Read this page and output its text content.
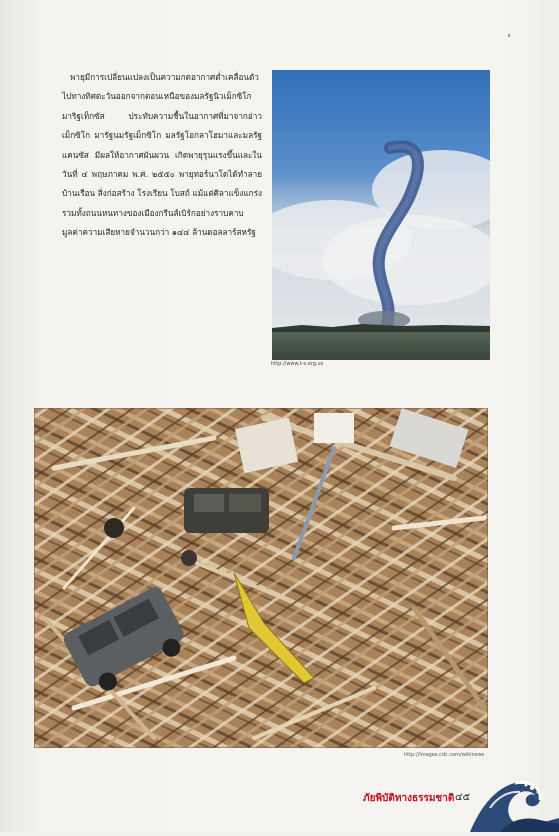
พายุมีการเปลี่ยนแปลงเป็นความกดอากาศต่ำเคลื่อนตัวไปทางทิศตะวันออกจากตอนเหนือของมลรัฐนิวเม็กซิโก มาริฐเท็กซัส ประทับความชื้นในอากาศที่มาจากอ่าวเม็กซิโก มารัฐนมรัฐเม็กซิโก มลรัฐโอกลาโฮมาและมลรัฐแคนซัส มีผลให้อากาศผันผวน เกิดพายุรุนแรงขึ้นและในวันที่ ๔ พฤษภาคม พ.ศ. ๒๕๕๐ พายุทอร์นาโดได้ทำลายบ้านเรือน สิ่งก่อสร้าง โรงเรียน โบสถ์ แม้แต่ศิลาแข็งแกร่ง รวมทั้งถนนหนทางของเมืองกรีนส์เบิร์กอย่างราบคาบ มูลค่าความเสียหายจำนวนกว่า ๑๔๔ ล้านดอลลาร์สหรัฐ

http://www.t-s.org.us
http://images.cdc.com/wikinews
ภัยพิบัติทางธรรมชาติ ๔๕
